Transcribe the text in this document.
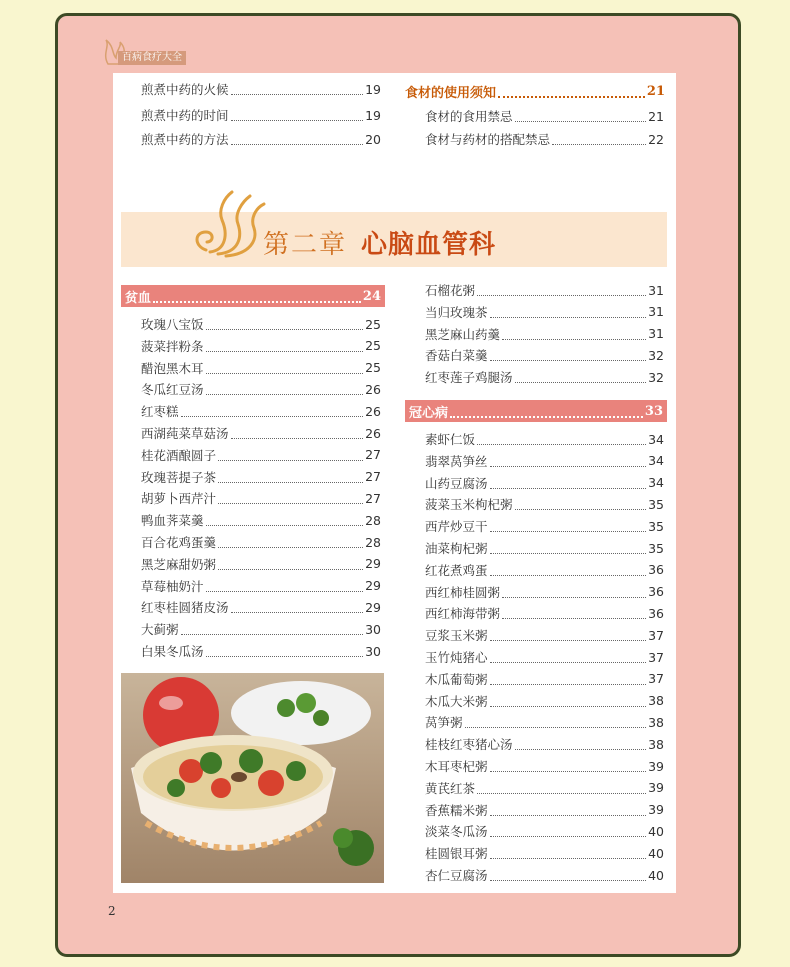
百病食疗大全
第二章 心脑血管科
煎煮中药的火候	19
煎煮中药的时间	19
煎煮中药的方法	20
食材的使用须知	21
食材的食用禁忌	21
食材与药材的搭配禁忌	22
贫血	24
玫瑰八宝饭	25
菠菜拌粉条	25
醋泡黑木耳	25
冬瓜红豆汤	26
红枣糕	26
西湖莼菜草菇汤	26
桂花酒酿圆子	27
玫瑰菩提子茶	27
胡萝卜西芹汁	27
鸭血荠菜羹	28
百合花鸡蛋羹	28
黑芝麻甜奶粥	29
草莓柚奶汁	29
红枣桂圆猪皮汤	29
大蓟粥	30
白果冬瓜汤	30
石榴花粥	31
当归玫瑰茶	31
黑芝麻山药羹	31
香菇白菜羹	32
红枣莲子鸡腿汤	32
冠心病	33
素虾仁饭	34
翡翠莴笋丝	34
山药豆腐汤	34
菠菜玉米枸杞粥	35
西芹炒豆干	35
油菜枸杞粥	35
红花煮鸡蛋	36
西红柿桂圆粥	36
西红柿海带粥	36
豆浆玉米粥	37
玉竹炖猪心	37
木瓜葡萄粥	37
木瓜大米粥	38
莴笋粥	38
桂枝红枣猪心汤	38
木耳枣杞粥	39
黄芪红茶	39
香蕉糯米粥	39
淡菜冬瓜汤	40
桂圆银耳粥	40
杏仁豆腐汤	40
2
